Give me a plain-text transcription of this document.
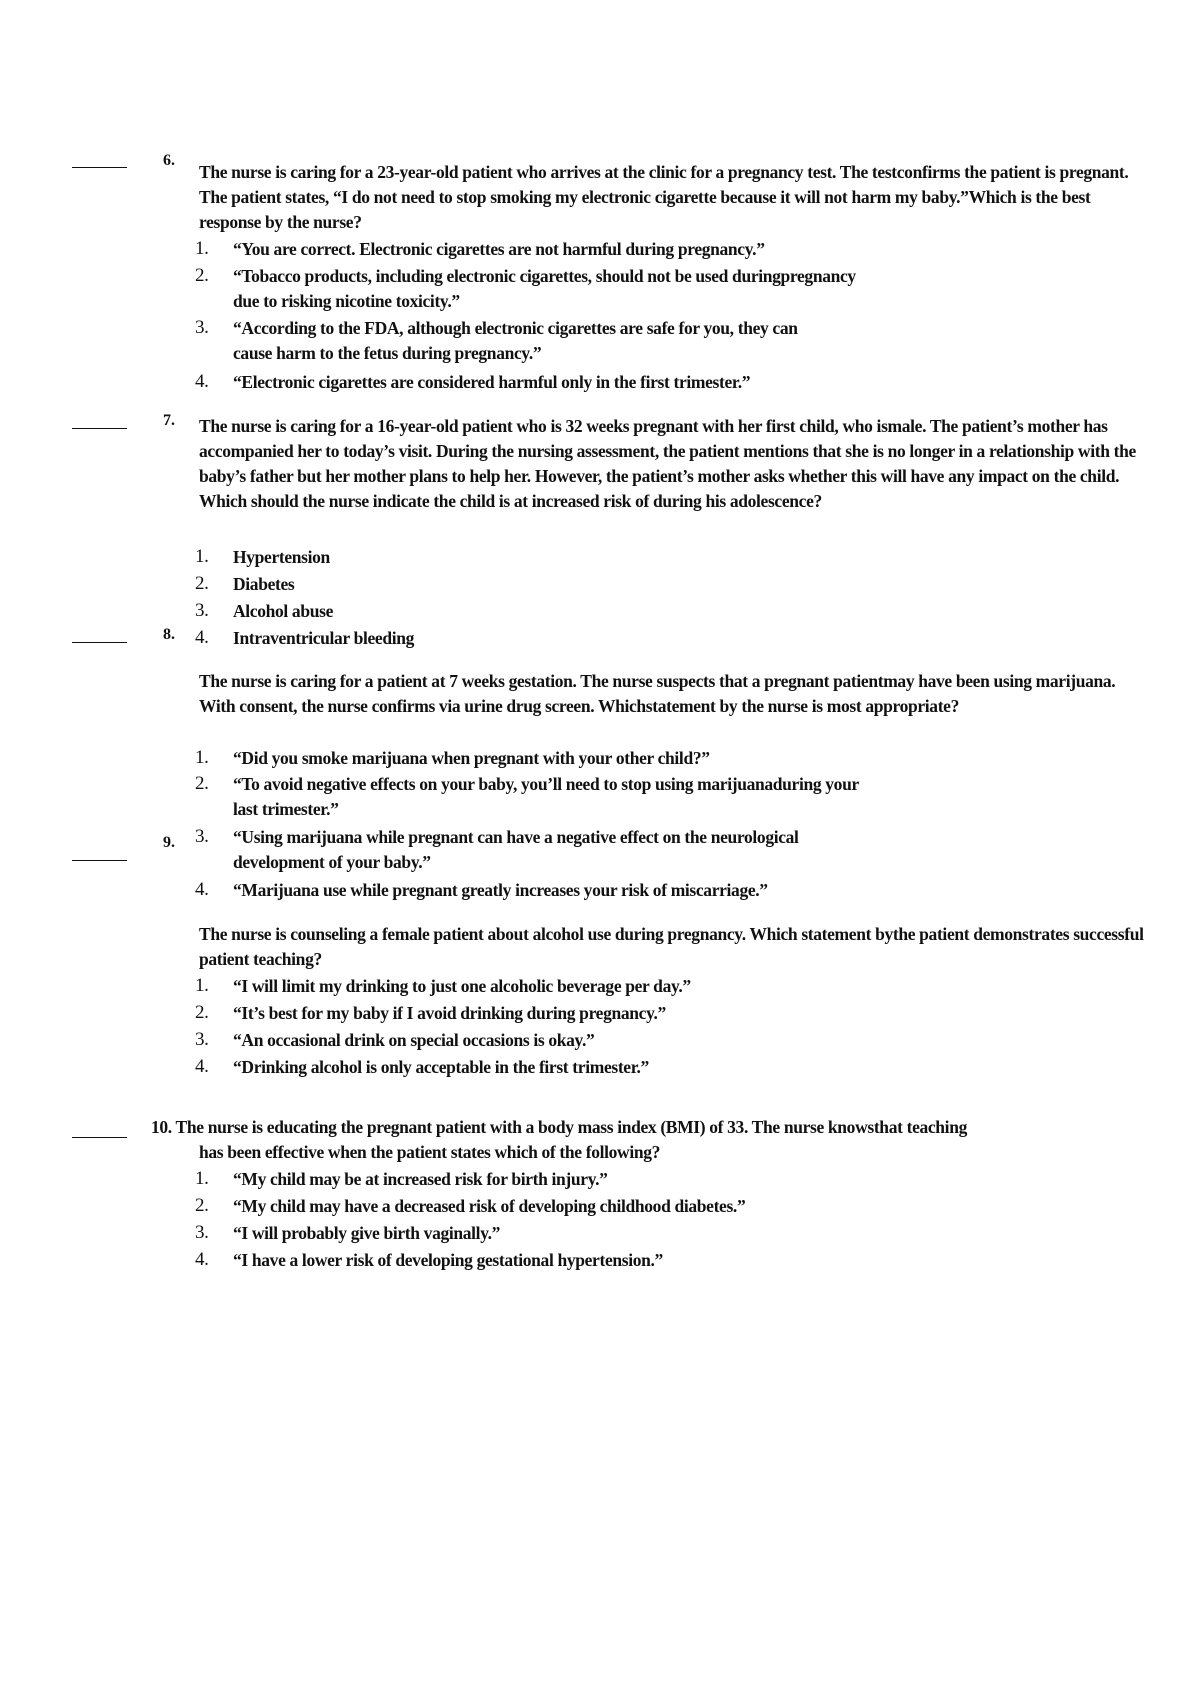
6.
The nurse is caring for a 23-year-old patient who arrives at the clinic for a pregnancy test. The testconfirms the patient is pregnant. The patient states, “I do not need to stop smoking my electronic cigarette because it will not harm my baby.”Which is the best response by the nurse?
1.	“You are correct. Electronic cigarettes are not harmful during pregnancy.”
2.	“Tobacco products, including electronic cigarettes, should not be used duringpregnancy
due to risking nicotine toxicity.”
3.	“According to the FDA, although electronic cigarettes are safe for you, they can
cause harm to the fetus during pregnancy.”
4.	“Electronic cigarettes are considered harmful only in the first trimester.”
7. The nurse is caring for a 16-year-old patient who is 32 weeks pregnant with her first child, who ismale. The patient’s mother has accompanied her to today’s visit. During the nursing assessment, the patient mentions that she is no longer in a relationship with the baby’s father but her mother plans to help her. However, the patient’s mother asks whether this will have any impact on the child. Which should the nurse indicate the child is at increased risk of during his adolescence?
1.	Hypertension
2.	Diabetes
3.	Alcohol abuse
4.	Intraventricular bleeding
8.
The nurse is caring for a patient at 7 weeks gestation. The nurse suspects that a pregnant patientmay have been using marijuana. With consent, the nurse confirms via urine drug screen. Whichstatement by the nurse is most appropriate?
1.	“Did you smoke marijuana when pregnant with your other child?”
2.	“To avoid negative effects on your baby, you’ll need to stop using marijuanaduring your
last trimester.”
3.	“Using marijuana while pregnant can have a negative effect on the neurological
development of your baby.”
4.	“Marijuana use while pregnant greatly increases your risk of miscarriage.”
9.
The nurse is counseling a female patient about alcohol use during pregnancy. Which statement bythe patient demonstrates successful patient teaching?
1.	“I will limit my drinking to just one alcoholic beverage per day.”
2.	“It’s best for my baby if I avoid drinking during pregnancy.”
3.	“An occasional drink on special occasions is okay.”
4.	“Drinking alcohol is only acceptable in the first trimester.”
10. The nurse is educating the pregnant patient with a body mass index (BMI) of 33. The nurse knowsthat teaching
has been effective when the patient states which of the following?
1.	“My child may be at increased risk for birth injury.”
2.	“My child may have a decreased risk of developing childhood diabetes.”
3.	“I will probably give birth vaginally.”
4.	“I have a lower risk of developing gestational hypertension.”
